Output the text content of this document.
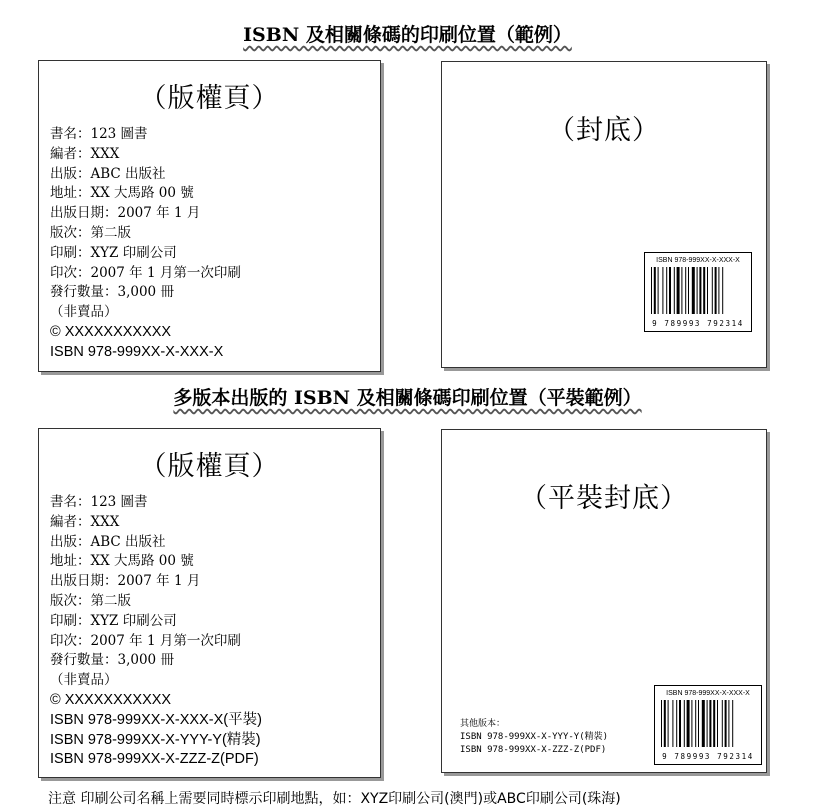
ISBN 及相關條碼的印刷位置（範例）
（版權頁）
書名：123 圖書
編者：XXX
出版：ABC 出版社
地址：XX 大馬路 00 號
出版日期：2007 年 1 月
版次：第二版
印刷：XYZ 印刷公司
印次：2007 年 1 月第一次印刷
發行數量：3,000 冊
（非賣品）
© XXXXXXXXXXX
ISBN 978-999XX-X-XXX-X
（封底）
ISBN 978-999XX-X-XXX-X
9 789993 792314
多版本出版的 ISBN 及相關條碼印刷位置（平裝範例）
（版權頁）
書名：123 圖書
編者：XXX
出版：ABC 出版社
地址：XX 大馬路 00 號
出版日期：2007 年 1 月
版次：第二版
印刷：XYZ 印刷公司
印次：2007 年 1 月第一次印刷
發行數量：3,000 冊
（非賣品）
© XXXXXXXXXXX
ISBN 978-999XX-X-XXX-X(平裝)
ISBN 978-999XX-X-YYY-Y(精裝)
ISBN 978-999XX-X-ZZZ-Z(PDF)
（平裝封底）
其他版本：
ISBN 978-999XX-X-YYY-Y(精裝)
ISBN 978-999XX-X-ZZZ-Z(PDF)
ISBN 978-999XX-X-XXX-X
9 789993 792314
注意 印刷公司名稱上需要同時標示印刷地點，如：XYZ印刷公司(澳門)或ABC印刷公司(珠海)
